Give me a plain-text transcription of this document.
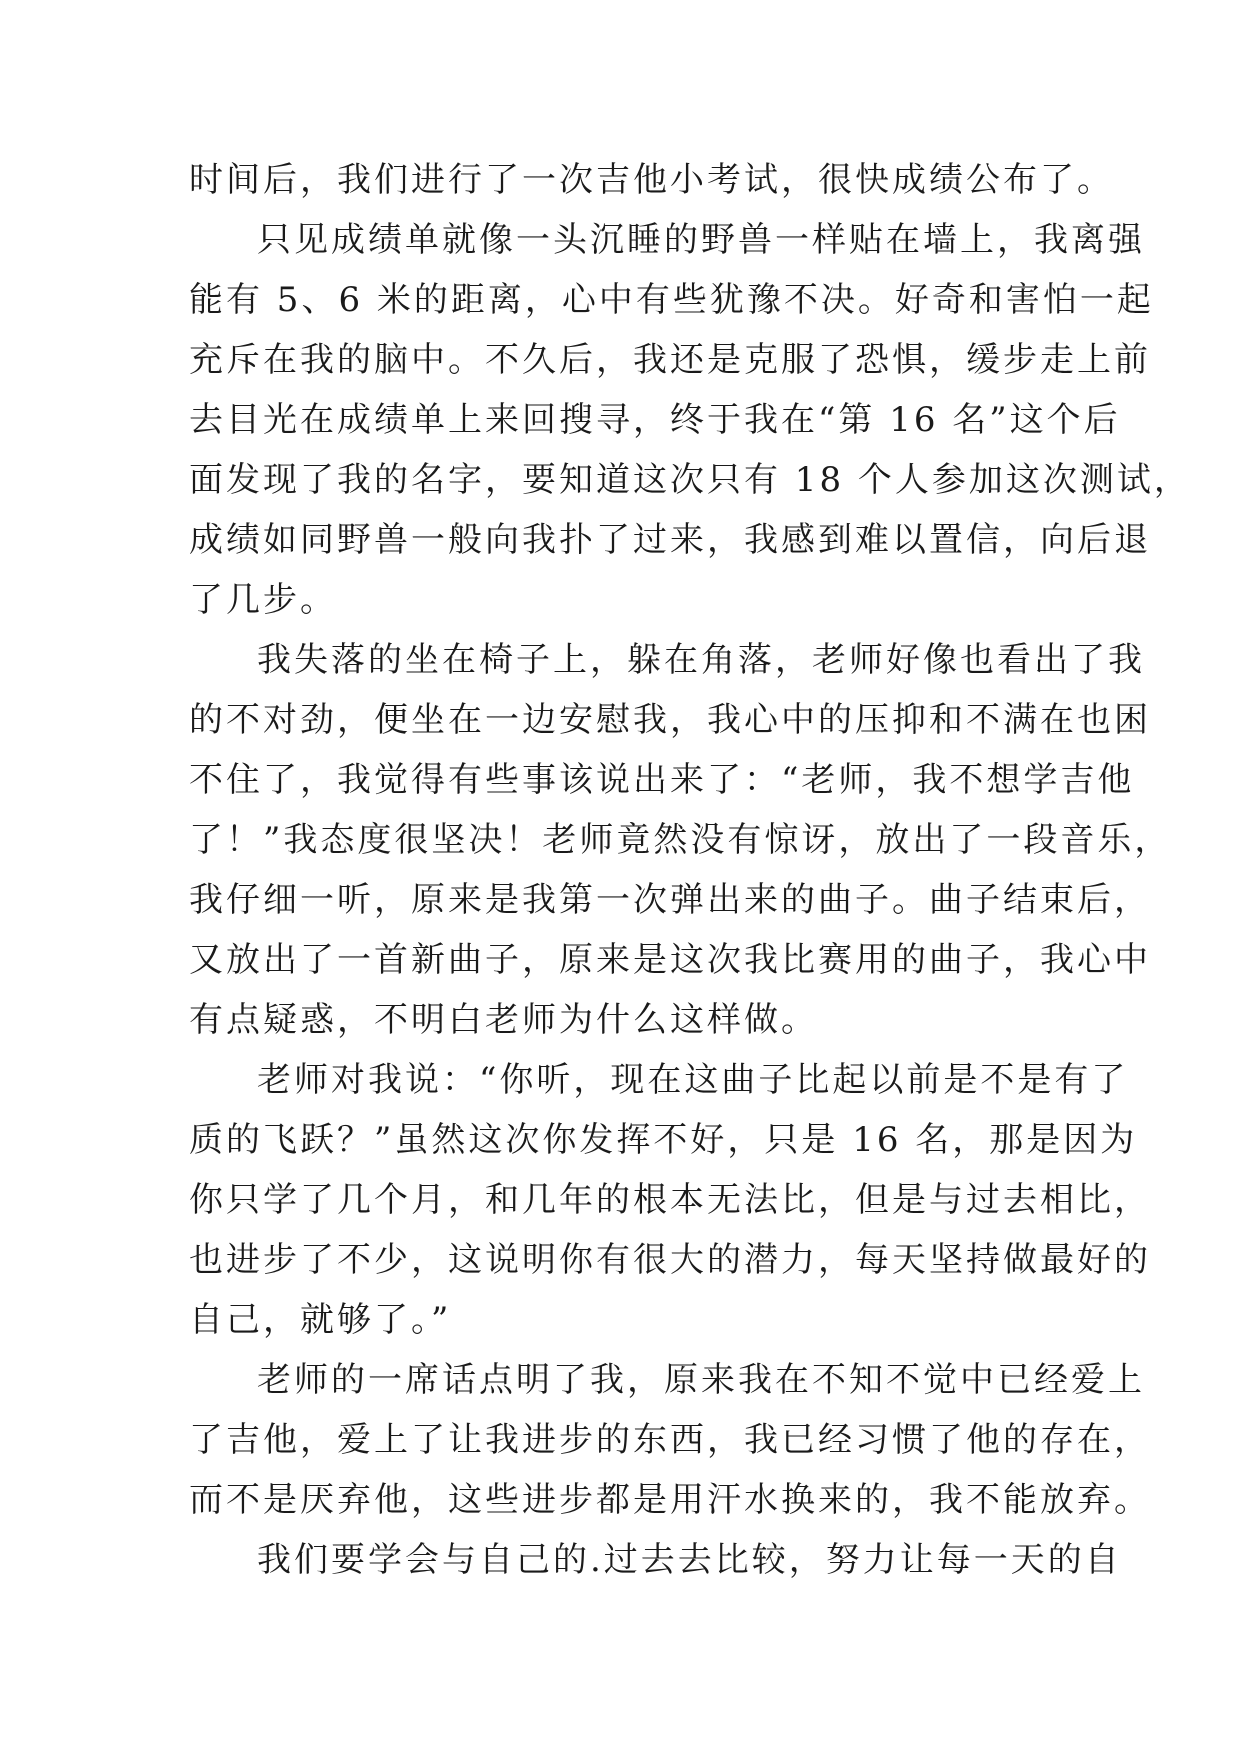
时间后，我们进行了一次吉他小考试，很快成绩公布了。
只见成绩单就像一头沉睡的野兽一样贴在墙上，我离强
能有 5、6 米的距离，心中有些犹豫不决。好奇和害怕一起
充斥在我的脑中。不久后，我还是克服了恐惧，缓步走上前
去目光在成绩单上来回搜寻，终于我在“第 16 名”这个后
面发现了我的名字，要知道这次只有 18 个人参加这次测试，
成绩如同野兽一般向我扑了过来，我感到难以置信，向后退
了几步。
我失落的坐在椅子上，躲在角落，老师好像也看出了我
的不对劲，便坐在一边安慰我，我心中的压抑和不满在也困
不住了，我觉得有些事该说出来了：“老师，我不想学吉他
了！”我态度很坚决！老师竟然没有惊讶，放出了一段音乐，
我仔细一听，原来是我第一次弹出来的曲子。曲子结束后，
又放出了一首新曲子，原来是这次我比赛用的曲子，我心中
有点疑惑，不明白老师为什么这样做。
老师对我说：“你听，现在这曲子比起以前是不是有了
质的飞跃？”虽然这次你发挥不好，只是 16 名，那是因为
你只学了几个月，和几年的根本无法比，但是与过去相比，
也进步了不少，这说明你有很大的潜力，每天坚持做最好的
自己，就够了。”
老师的一席话点明了我，原来我在不知不觉中已经爱上
了吉他，爱上了让我进步的东西，我已经习惯了他的存在，
而不是厌弃他，这些进步都是用汗水换来的，我不能放弃。
我们要学会与自己的.过去去比较，努力让每一天的自
